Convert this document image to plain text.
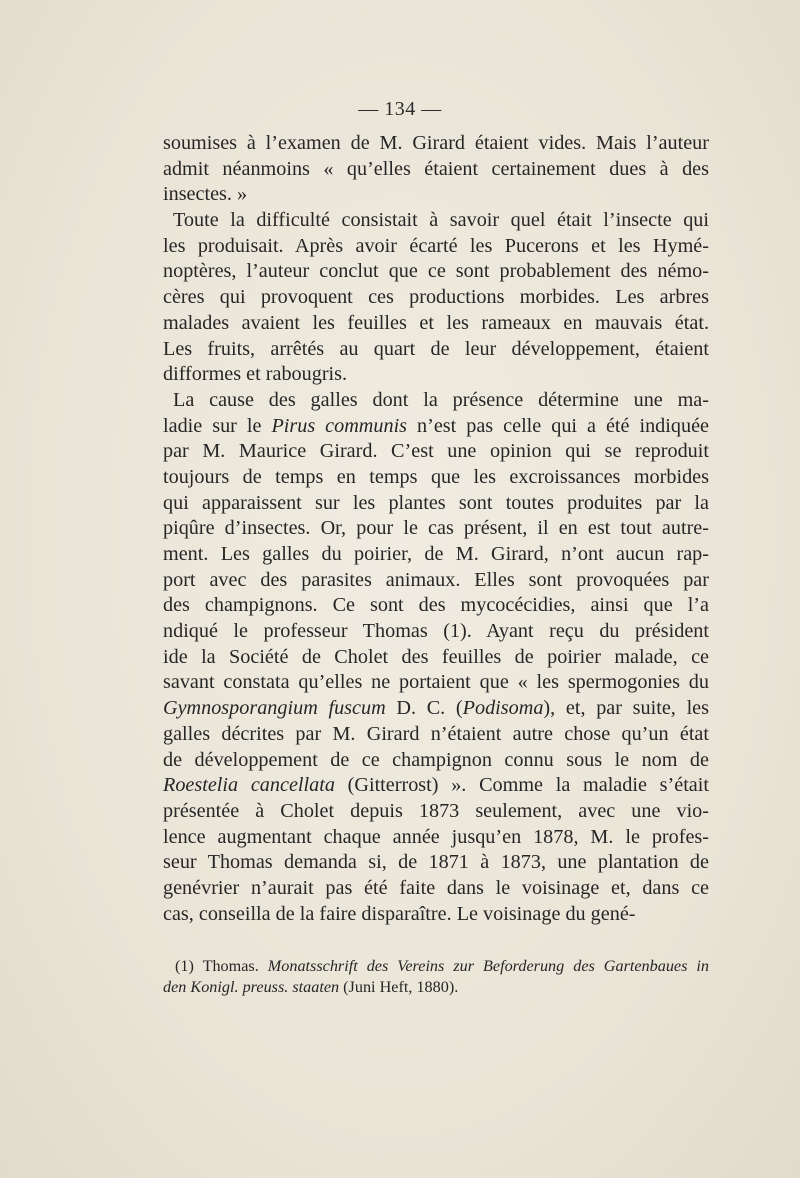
— 134 —
soumises à l’examen de M. Girard étaient vides. Mais l’auteur
admit néanmoins « qu’elles étaient certainement dues à des
insectes. »
Toute la difficulté consistait à savoir quel était l’insecte qui
les produisait. Après avoir écarté les Pucerons et les Hymé-
noptères, l’auteur conclut que ce sont probablement des némo-
cères qui provoquent ces productions morbides. Les arbres
malades avaient les feuilles et les rameaux en mauvais état.
Les fruits, arrêtés au quart de leur développement, étaient
difformes et rabougris.
La cause des galles dont la présence détermine une ma-
ladie sur le Pirus communis n’est pas celle qui a été indiquée
par M. Maurice Girard. C’est une opinion qui se reproduit
toujours de temps en temps que les excroissances morbides
qui apparaissent sur les plantes sont toutes produites par la
piqûre d’insectes. Or, pour le cas présent, il en est tout autre-
ment. Les galles du poirier, de M. Girard, n’ont aucun rap-
port avec des parasites animaux. Elles sont provoquées par
des champignons. Ce sont des mycocécidies, ainsi que l’a
ndiqué le professeur Thomas (1). Ayant reçu du président
ide la Société de Cholet des feuilles de poirier malade, ce
savant constata qu’elles ne portaient que « les spermogonies du
Gymnosporangium fuscum D. C. (Podisoma), et, par suite, les
galles décrites par M. Girard n’étaient autre chose qu’un état
de développement de ce champignon connu sous le nom de
Roestelia cancellata (Gitterrost) ». Comme la maladie s’était
présentée à Cholet depuis 1873 seulement, avec une vio-
lence augmentant chaque année jusqu’en 1878, M. le profes-
seur Thomas demanda si, de 1871 à 1873, une plantation de
genévrier n’aurait pas été faite dans le voisinage et, dans ce
cas, conseilla de la faire disparaître. Le voisinage du gené-
(1) Thomas. Monatsschrift des Vereins zur Beforderung des Gartenbaues in
den Konigl. preuss. staaten (Juni Heft, 1880).
